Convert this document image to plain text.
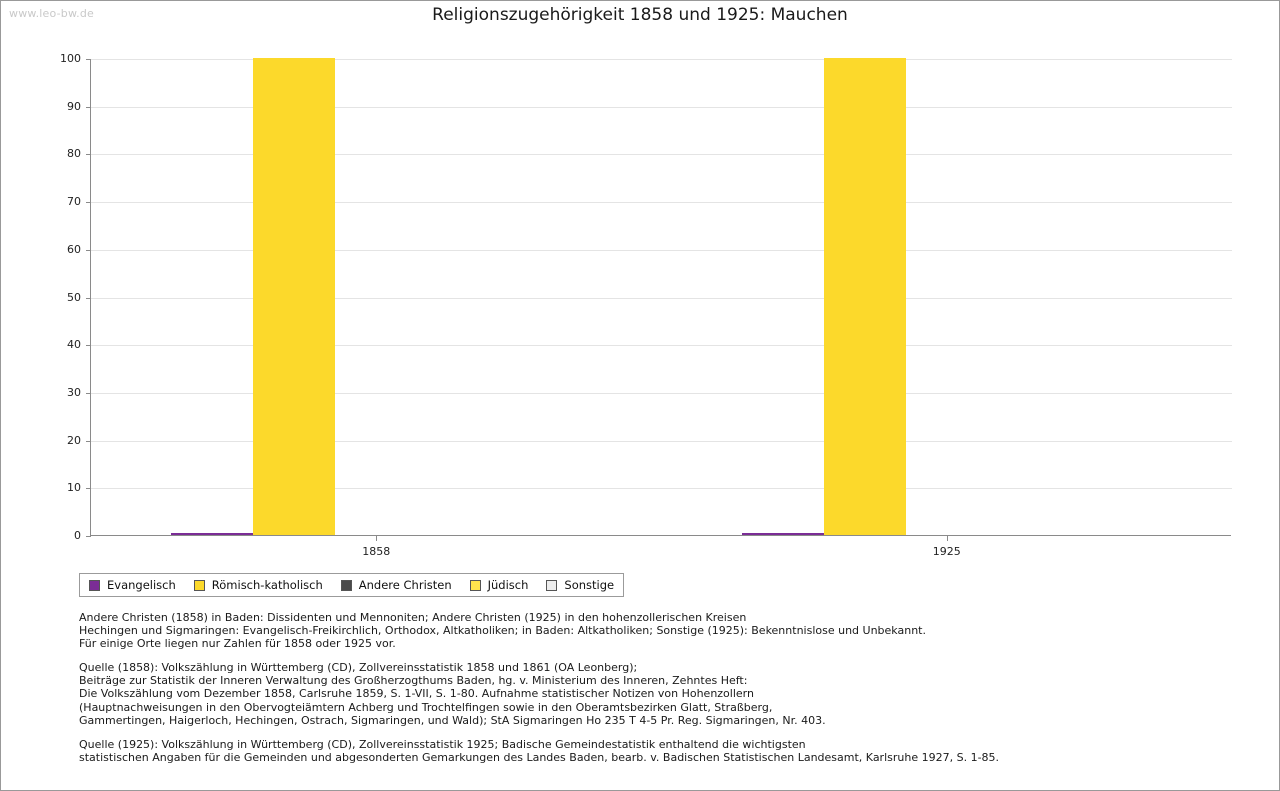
www.leo-bw.de	Religionszugehörigkeit 1858 und 1925: Mauchen
0
10
20
30
40
50
60
70
80
90
100
1858	1925
Evangelisch	Römisch-katholisch	Andere Christen	Jüdisch	Sonstige
Andere Christen (1858) in Baden: Dissidenten und Mennoniten; Andere Christen (1925) in den hohenzollerischen Kreisen
Hechingen und Sigmaringen: Evangelisch-Freikirchlich, Orthodox, Altkatholiken; in Baden: Altkatholiken; Sonstige (1925): Bekenntnislose und Unbekannt.
Für einige Orte liegen nur Zahlen für 1858 oder 1925 vor.
Quelle (1858): Volkszählung in Württemberg (CD), Zollvereinsstatistik 1858 und 1861 (OA Leonberg);
Beiträge zur Statistik der Inneren Verwaltung des Großherzogthums Baden, hg. v. Ministerium des Inneren, Zehntes Heft:
Die Volkszählung vom Dezember 1858, Carlsruhe 1859, S. 1-VII, S. 1-80. Aufnahme statistischer Notizen von Hohenzollern
(Hauptnachweisungen in den Obervogteiämtern Achberg und Trochtelfingen sowie in den Oberamtsbezirken Glatt, Straßberg,
Gammertingen, Haigerloch, Hechingen, Ostrach, Sigmaringen, und Wald); StA Sigmaringen Ho 235 T 4-5 Pr. Reg. Sigmaringen, Nr. 403.
Quelle (1925): Volkszählung in Württemberg (CD), Zollvereinsstatistik 1925; Badische Gemeindestatistik enthaltend die wichtigsten
statistischen Angaben für die Gemeinden und abgesonderten Gemarkungen des Landes Baden, bearb. v. Badischen Statistischen Landesamt, Karlsruhe 1927, S. 1-85.
